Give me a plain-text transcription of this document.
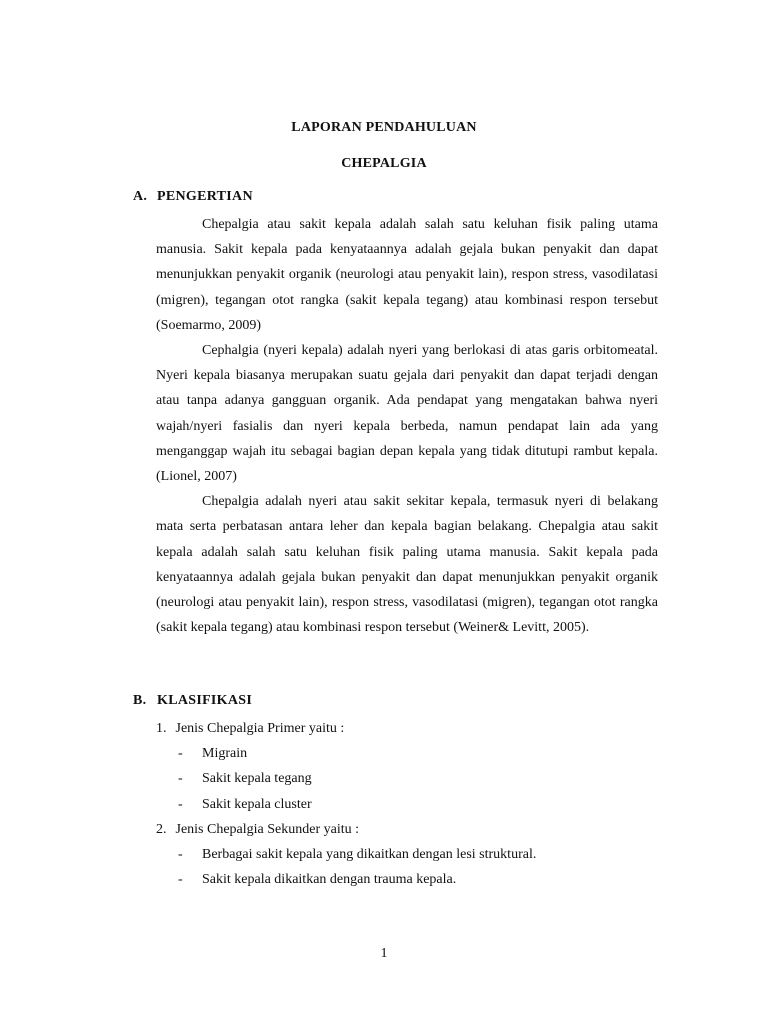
LAPORAN PENDAHULUAN
CHEPALGIA
A. PENGERTIAN

Chepalgia atau sakit kepala adalah salah satu keluhan fisik paling utama manusia. Sakit kepala pada kenyataannya adalah gejala bukan penyakit dan dapat menunjukkan penyakit organik (neurologi atau penyakit lain), respon stress, vasodilatasi (migren), tegangan otot rangka (sakit kepala tegang) atau kombinasi respon tersebut (Soemarmo, 2009)

Cephalgia (nyeri kepala) adalah nyeri yang berlokasi di atas garis orbitomeatal. Nyeri kepala biasanya merupakan suatu gejala dari penyakit dan dapat terjadi dengan atau tanpa adanya gangguan organik. Ada pendapat yang mengatakan bahwa nyeri wajah/nyeri fasialis dan nyeri kepala berbeda, namun pendapat lain ada yang menganggap wajah itu sebagai bagian depan kepala yang tidak ditutupi rambut kepala. (Lionel, 2007)

Chepalgia adalah nyeri atau sakit sekitar kepala, termasuk nyeri di belakang mata serta perbatasan antara leher dan kepala bagian belakang. Chepalgia atau sakit kepala adalah salah satu keluhan fisik paling utama manusia. Sakit kepala pada kenyataannya adalah gejala bukan penyakit dan dapat menunjukkan penyakit organik (neurologi atau penyakit lain), respon stress, vasodilatasi (migren), tegangan otot rangka (sakit kepala tegang) atau kombinasi respon tersebut (Weiner& Levitt, 2005).

B. KLASIFIKASI
1. Jenis Chepalgia Primer yaitu :
- Migrain
- Sakit kepala tegang
- Sakit kepala cluster
2. Jenis Chepalgia Sekunder yaitu :
- Berbagai sakit kepala yang dikaitkan dengan lesi struktural.
- Sakit kepala dikaitkan dengan trauma kepala.
1
